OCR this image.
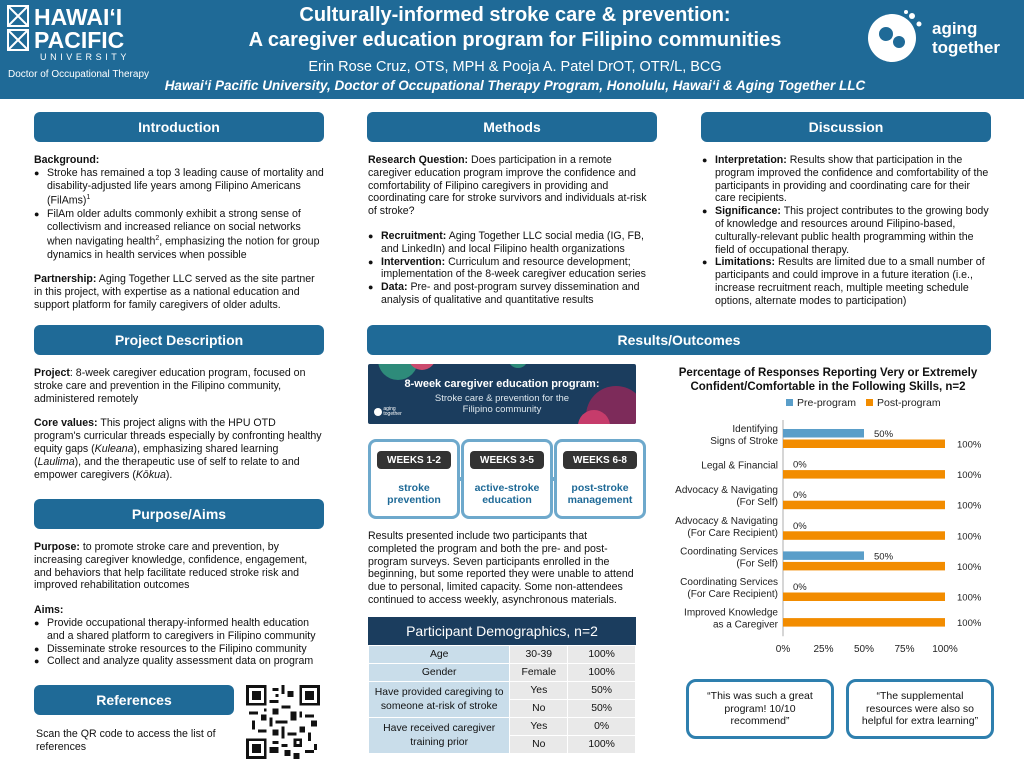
HAWAIʻI
PACIFIC
UNIVERSITY
Doctor of Occupational Therapy
Culturally-informed stroke care & prevention:
A caregiver education program for Filipino communities
Erin Rose Cruz, OTS, MPH & Pooja A. Patel DrOT, OTR/L, BCG
Hawaiʻi Pacific University, Doctor of Occupational Therapy Program, Honolulu, Hawaiʻi & Aging Together LLC
aging
together
Introduction	Methods	Discussion
Project Description	Results/Outcomes
Purpose/Aims
References
Background:
● Stroke has remained a top 3 leading cause of mortality and disability-adjusted life years among Filipino Americans (FilAms)$^1$
● FilAm older adults commonly exhibit a strong sense of collectivism and increased reliance on social networks when navigating health$^2$, emphasizing the notion for group dynamics in health services when possible
Partnership: Aging Together LLC served as the site partner in this project, with expertise as a national education and support platform for family caregivers of older adults.
Research Question: Does participation in a remote caregiver education program improve the confidence and comfortability of Filipino caregivers in providing and coordinating care for stroke survivors and individuals at-risk of stroke?
● Recruitment: Aging Together LLC social media (IG, FB, and LinkedIn) and local Filipino health organizations
● Intervention: Curriculum and resource development; implementation of the 8-week caregiver education series
● Data: Pre- and post-program survey dissemination and analysis of qualitative and quantitative results
● Interpretation: Results show that participation in the program improved the confidence and comfortability of the participants in providing and coordinating care for their care recipients.
● Significance: This project contributes to the growing body of knowledge and resources around Filipino-based, culturally-relevant public health programming within the field of occupational therapy.
● Limitations: Results are limited due to a small number of participants and could improve in a future iteration (i.e., increase recruitment reach, multiple meeting schedule options, alternate modes to participation)
Project: 8-week caregiver education program, focused on stroke care and prevention in the Filipino community, administered remotely
Core values: This project aligns with the HPU OTD program's curricular threads especially by confronting healthy equity gaps (Kuleana), emphasizing shared learning (Laulima), and the therapeutic use of self to relate to and empower caregivers (Kōkua).
Purpose: to promote stroke care and prevention, by increasing caregiver knowledge, confidence, engagement, and behaviors that help facilitate reduced stroke risk and improved rehabilitation outcomes
Aims:
● Provide occupational therapy-informed health education and a shared platform to caregivers in Filipino community
● Disseminate stroke resources to the Filipino community
● Collect and analyze quality assessment data on program
Scan the QR code to access the list of references
8-week caregiver education program:
Stroke care & prevention for the Filipino community
aging
together
WEEKS 1-2
stroke
prevention
WEEKS 3-5
active-stroke
education
WEEKS 6-8
post-stroke
management
Results presented include two participants that completed the program and both the pre- and post-program surveys. Seven participants enrolled in the beginning, but some reported they were unable to attend due to personal, limited capacity. Some non-attendees continued to access weekly, asynchronous materials.
Participant Demographics, n=2
Age	30-39	100%
Gender	Female	100%
Have provided caregiving to someone at-risk of stroke	Yes	50%
	No	50%
Have received caregiver training prior	Yes	0%
	No	100%
Percentage of Responses Reporting Very or Extremely Confident/Comfortable in the Following Skills, n=2
Pre-program Post-program
Identifying Signs of Stroke
50%
100%
Legal & Financial 0%
100%
Advocacy & Navigating (For Self)
0%
100%
Advocacy & Navigating (For Care Recipient)
0%
100%
Coordinating Services (For Self)
50%
100%
Coordinating Services (For Care Recipient)
0%
100%
Improved Knowledge as a Caregiver	100%
0% 25% 50% 75% 100%
“This was such a great program! 10/10 recommend”
“The supplemental resources were also so helpful for extra learning”
